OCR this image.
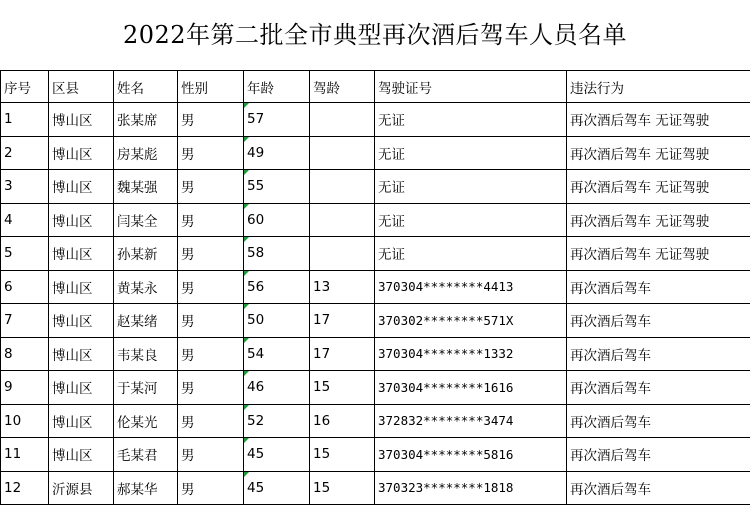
2022年第二批全市典型再次酒后驾车人员名单
序号	区县	姓名	性别	年龄	驾龄	驾驶证号	违法行为
1	博山区	张某席	男	57		无证	再次酒后驾车 无证驾驶
2	博山区	房某彪	男	49		无证	再次酒后驾车 无证驾驶
3	博山区	魏某强	男	55		无证	再次酒后驾车 无证驾驶
4	博山区	闫某全	男	60		无证	再次酒后驾车 无证驾驶
5	博山区	孙某新	男	58		无证	再次酒后驾车 无证驾驶
6	博山区	黄某永	男	56	13	370304********4413	再次酒后驾车
7	博山区	赵某绪	男	50	17	370302********571X	再次酒后驾车
8	博山区	韦某良	男	54	17	370304********1332	再次酒后驾车
9	博山区	于某河	男	46	15	370304********1616	再次酒后驾车
10	博山区	伦某光	男	52	16	372832********3474	再次酒后驾车
11	博山区	毛某君	男	45	15	370304********5816	再次酒后驾车
12	沂源县	郝某华	男	45	15	370323********1818	再次酒后驾车
